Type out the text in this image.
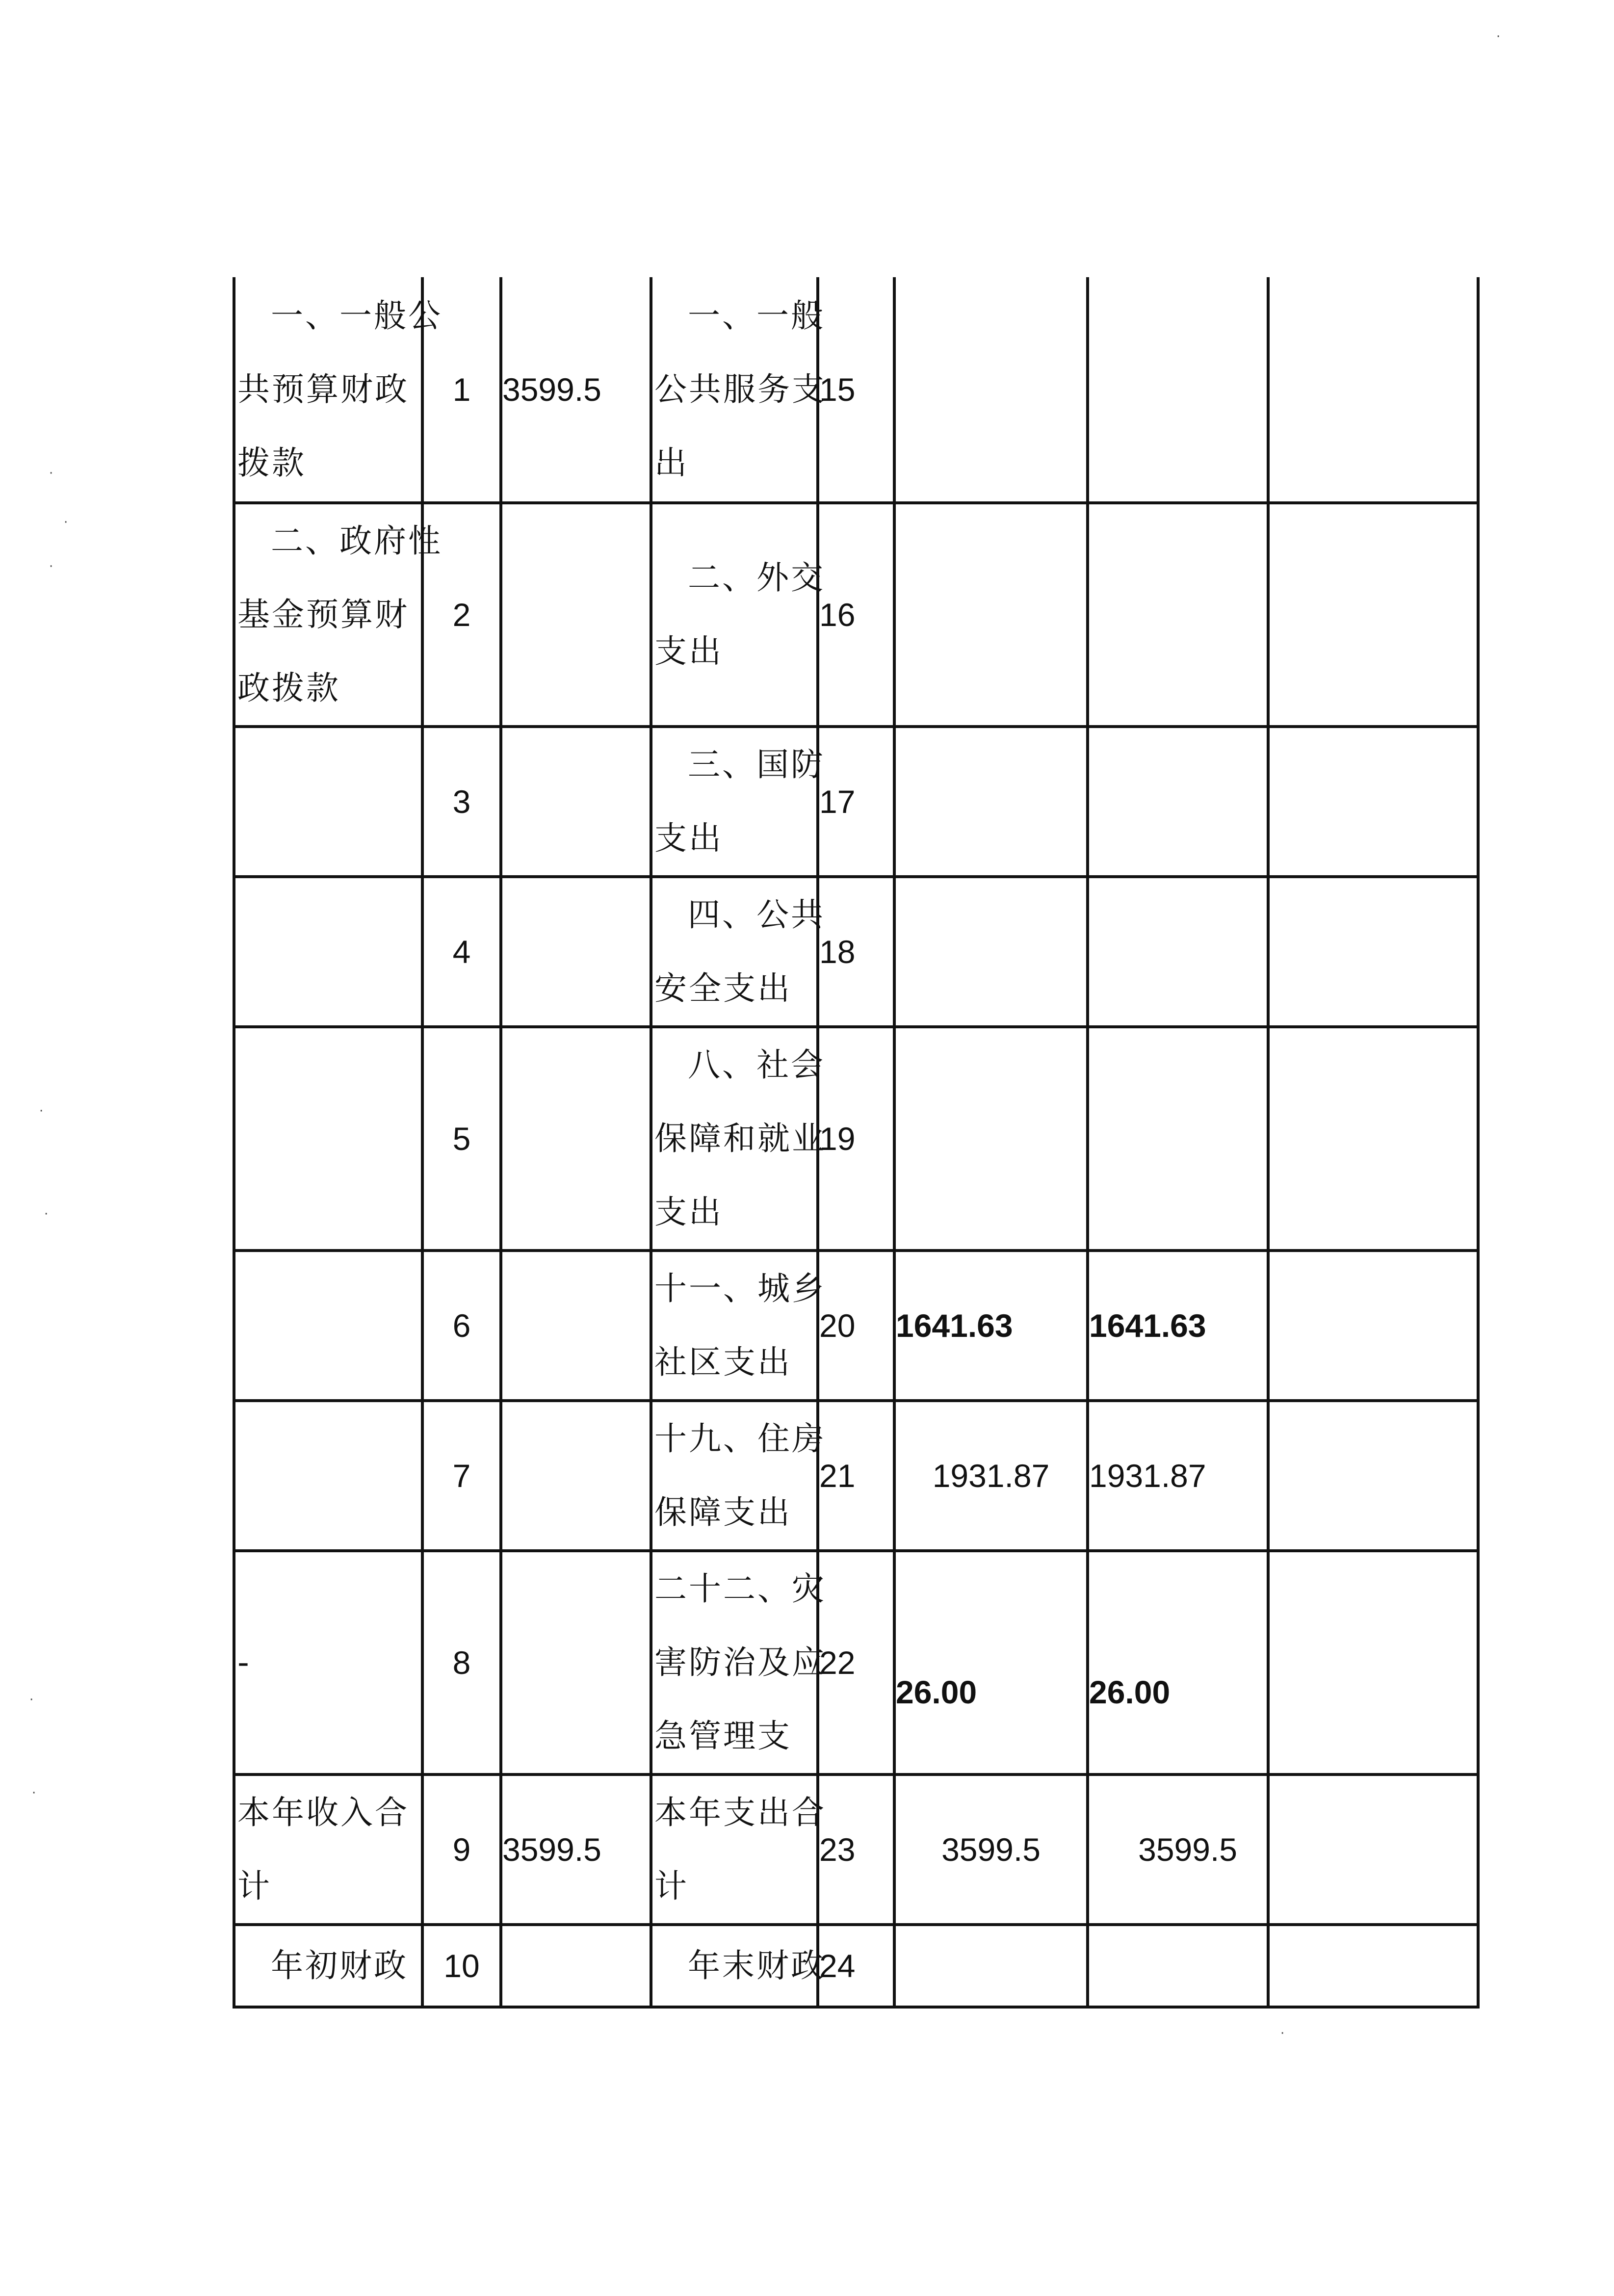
·
·
·
·
·
·
·
·
·
一、一般公
共预算财政
拨款	1	3599.5	一、一般
公共服务支
出	15			

二、政府性
基金预算财
政拨款	2		二、外交
支出	16			
	3		三、国防
支出	17			
	4		四、公共
安全支出	18			
	5		八、社会
保障和就业
支出	19			
	6		十一、城乡
社区支出	20	1641.63	1641.63	
	7		十九、住房
保障支出	21	1931.87	1931.87	

-	8		二十二、灾
害防治及应
急管理支	22	26.00	26.00	

本年收入合
计	9	3599.5	本年支出合
计	23	3599.5	3599.5	

年初财政	10		年末财政	24			
